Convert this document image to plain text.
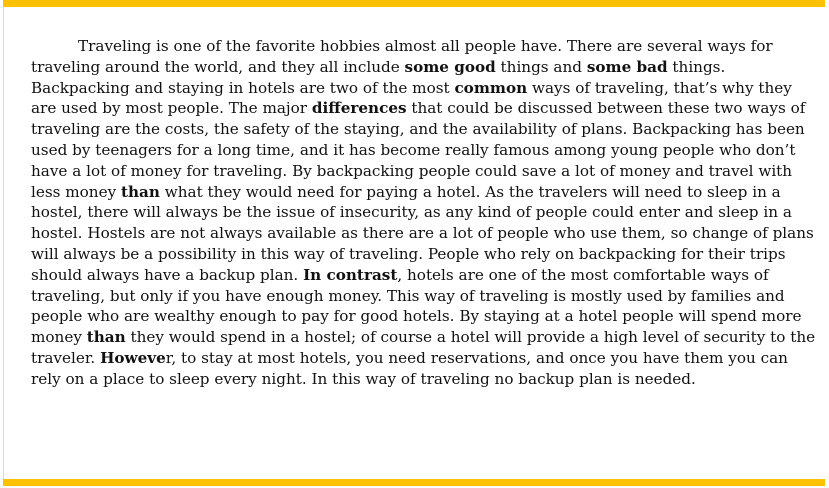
Traveling is one of the favorite hobbies almost all people have. There are several ways for traveling around the world, and they all include some good things and some bad things. Backpacking and staying in hotels are two of the most common ways of traveling, that’s why they are used by most people. The major differences that could be discussed between these two ways of traveling are the costs, the safety of the staying, and the availability of plans. Backpacking has been used by teenagers for a long time, and it has become really famous among young people who don’t have a lot of money for traveling. By backpacking people could save a lot of money and travel with less money than what they would need for paying a hotel. As the travelers will need to sleep in a hostel, there will always be the issue of insecurity, as any kind of people could enter and sleep in a hostel. Hostels are not always available as there are a lot of people who use them, so change of plans will always be a possibility in this way of traveling. People who rely on backpacking for their trips should always have a backup plan. In contrast, hotels are one of the most comfortable ways of traveling, but only if you have enough money. This way of traveling is mostly used by families and people who are wealthy enough to pay for good hotels. By staying at a hotel people will spend more money than they would spend in a hostel; of course a hotel will provide a high level of security to the traveler. However, to stay at most hotels, you need reservations, and once you have them you can rely on a place to sleep every night. In this way of traveling no backup plan is needed.
